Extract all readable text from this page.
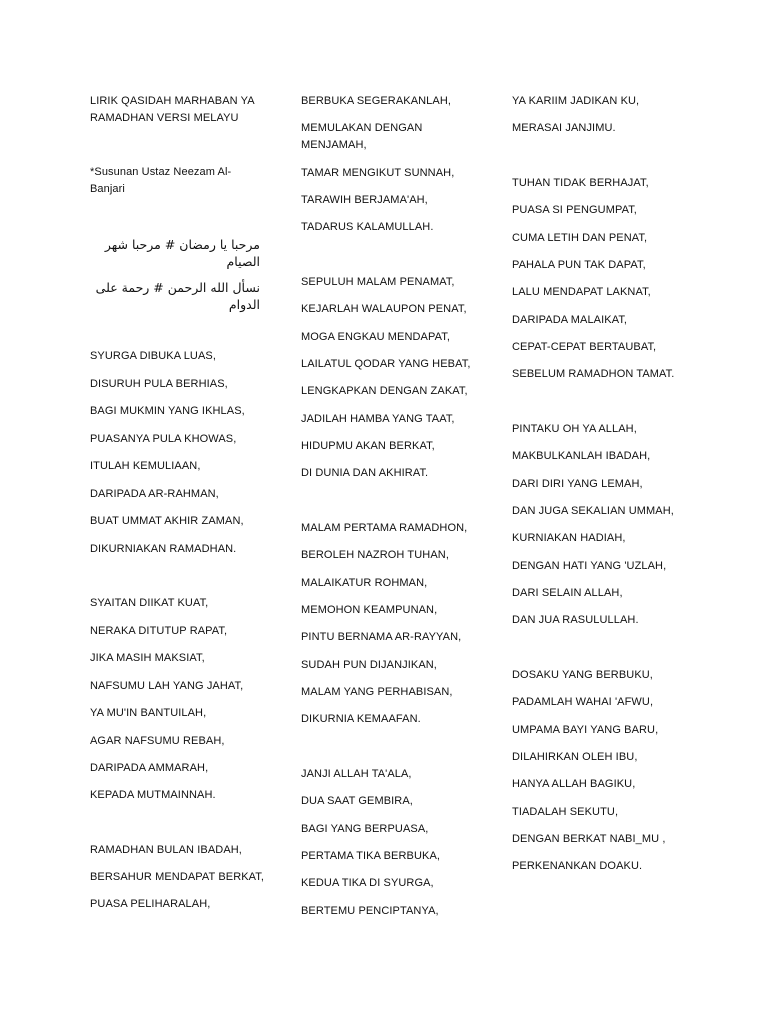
LIRIK QASIDAH MARHABAN YA RAMADHAN VERSI MELAYU
*Susunan Ustaz Neezam Al-Banjari
مرحبا يا رمضان # مرحبا شهر الصيام
نسأل الله الرحمن # رحمة على الدوام
SYURGA DIBUKA LUAS,
DISURUH PULA BERHIAS,
BAGI MUKMIN YANG IKHLAS,
PUASANYA PULA KHOWAS,
ITULAH KEMULIAAN,
DARIPADA AR-RAHMAN,
BUAT UMMAT AKHIR ZAMAN,
DIKURNIAKAN RAMADHAN.
SYAITAN DIIKAT KUAT,
NERAKA DITUTUP RAPAT,
JIKA MASIH MAKSIAT,
NAFSUMU LAH YANG JAHAT,
YA MU'IN BANTUILAH,
AGAR NAFSUMU REBAH,
DARIPADA AMMARAH,
KEPADA MUTMAINNAH.
RAMADHAN BULAN IBADAH,
BERSAHUR MENDAPAT BERKAT,
PUASA PELIHARALAH,
BERBUKA SEGERAKANLAH,
MEMULAKAN DENGAN MENJAMAH,
TAMAR MENGIKUT SUNNAH,
TARAWIH BERJAMA'AH,
TADARUS KALAMULLAH.
SEPULUH MALAM PENAMAT,
KEJARLAH WALAUPON PENAT,
MOGA ENGKAU MENDAPAT,
LAILATUL QODAR YANG HEBAT,
LENGKAPKAN DENGAN ZAKAT,
JADILAH HAMBA YANG TAAT,
HIDUPMU AKAN BERKAT,
DI DUNIA DAN AKHIRAT.
MALAM PERTAMA RAMADHON,
BEROLEH NAZROH TUHAN,
MALAIKATUR ROHMAN,
MEMOHON KEAMPUNAN,
PINTU BERNAMA AR-RAYYAN,
SUDAH PUN DIJANJIKAN,
MALAM YANG PERHABISAN,
DIKURNIA KEMAAFAN.
JANJI ALLAH TA'ALA,
DUA SAAT GEMBIRA,
BAGI YANG BERPUASA,
PERTAMA TIKA BERBUKA,
KEDUA TIKA DI SYURGA,
BERTEMU PENCIPTANYA,
YA KARIIM JADIKAN KU,
MERASAI JANJIMU.
TUHAN TIDAK BERHAJAT,
PUASA SI PENGUMPAT,
CUMA LETIH DAN PENAT,
PAHALA PUN TAK DAPAT,
LALU MENDAPAT LAKNAT,
DARIPADA MALAIKAT,
CEPAT-CEPAT BERTAUBAT,
SEBELUM RAMADHON TAMAT.
PINTAKU OH YA ALLAH,
MAKBULKANLAH IBADAH,
DARI DIRI YANG LEMAH,
DAN JUGA SEKALIAN UMMAH,
KURNIAKAN HADIAH,
DENGAN HATI YANG 'UZLAH,
DARI SELAIN ALLAH,
DAN JUA RASULULLAH.
DOSAKU YANG BERBUKU,
PADAMLAH WAHAI 'AFWU,
UMPAMA BAYI YANG BARU,
DILAHIRKAN OLEH IBU,
HANYA ALLAH BAGIKU,
TIADALAH SEKUTU,
DENGAN BERKAT NABI_MU ,
PERKENANKAN DOAKU.
